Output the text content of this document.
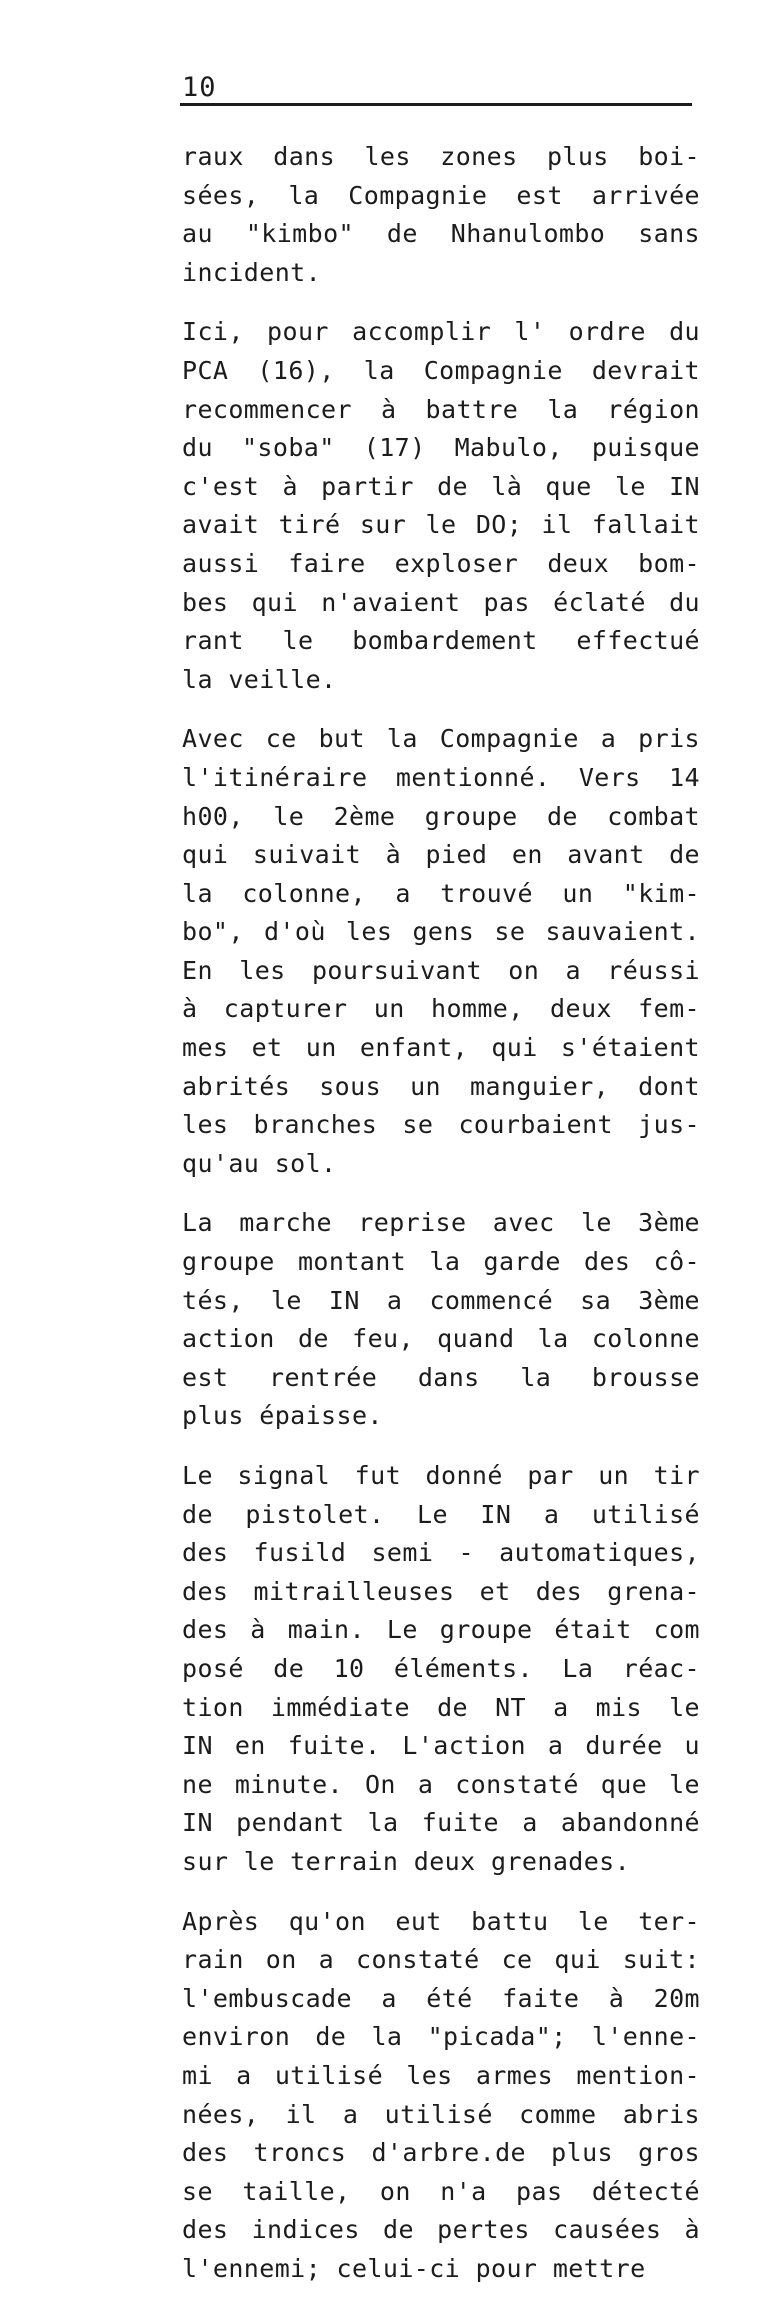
10
raux dans les zones plus boi-
sées, la Compagnie est arrivée
au "kimbo" de Nhanulombo sans
incident.
Ici, pour accomplir l' ordre du
PCA (16), la Compagnie devrait
recommencer à battre la région
du "soba" (17) Mabulo, puisque
c'est à partir de là que le IN
avait tiré sur le DO; il fallait
aussi faire exploser deux bom-
bes qui n'avaient pas éclaté du
rant le bombardement effectué
la veille.
Avec ce but la Compagnie a pris
l'itinéraire mentionné. Vers 14
h00, le 2ème groupe de combat
qui suivait à pied en avant de
la colonne, a trouvé un "kim-
bo", d'où les gens se sauvaient.
En les poursuivant on a réussi
à capturer un homme, deux fem-
mes et un enfant, qui s'étaient
abrités sous un manguier, dont
les branches se courbaient jus-
qu'au sol.
La marche reprise avec le 3ème
groupe montant la garde des cô-
tés, le IN a commencé sa 3ème
action de feu, quand la colonne
est rentrée dans la brousse
plus épaisse.
Le signal fut donné par un tir
de pistolet. Le IN a utilisé
des fusild semi - automatiques,
des mitrailleuses et des grena-
des à main. Le groupe était com
posé de 10 éléments. La réac-
tion immédiate de NT a mis le
IN en fuite. L'action a durée u
ne minute. On a constaté que le
IN pendant la fuite a abandonné
sur le terrain deux grenades.
Après qu'on eut battu le ter-
rain on a constaté ce qui suit:
l'embuscade a été faite à 20m
environ de la "picada"; l'enne-
mi a utilisé les armes mention-
nées, il a utilisé comme abris
des troncs d'arbre.de plus gros
se taille, on n'a pas détecté
des indices de pertes causées à
l'ennemi; celui-ci pour mettre
